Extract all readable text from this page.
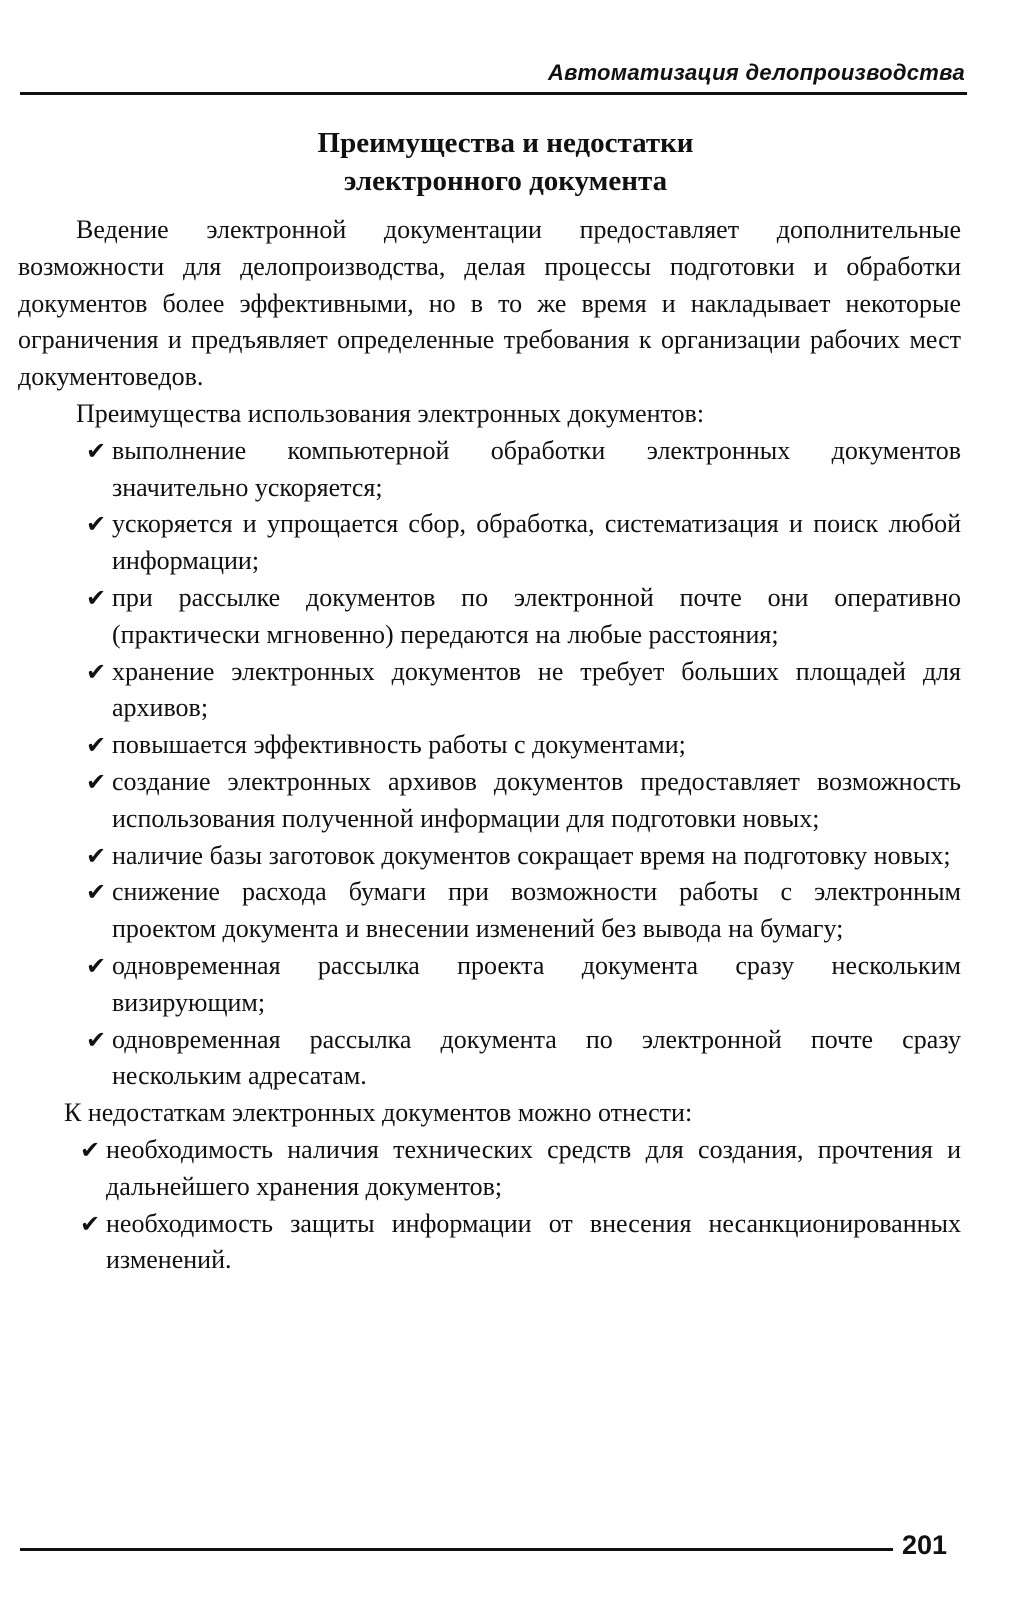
Автоматизация делопроизводства
Преимущества и недостатки
электронного документа

Ведение электронной документации предоставляет дополнительные возможности для делопроизводства, делая процессы подготовки и обработки документов более эффективными, но в то же время и накладывает некоторые ограничения и предъявляет определенные требования к организации рабочих мест документоведов.

Преимущества использования электронных документов:

✔ выполнение компьютерной обработки электронных документов значительно ускоряется;
✔ ускоряется и упрощается сбор, обработка, систематизация и поиск любой информации;
✔ при рассылке документов по электронной почте они оперативно (практически мгновенно) передаются на любые расстояния;
✔ хранение электронных документов не требует больших площадей для архивов;
✔ повышается эффективность работы с документами;
✔ создание электронных архивов документов предоставляет возможность использования полученной информации для подготовки новых;
✔ наличие базы заготовок документов сокращает время на подготовку новых;
✔ снижение расхода бумаги при возможности работы с электронным проектом документа и внесении изменений без вывода на бумагу;
✔ одновременная рассылка проекта документа сразу нескольким визирующим;
✔ одновременная рассылка документа по электронной почте сразу нескольким адресатам.

К недостаткам электронных документов можно отнести:

✔ необходимость наличия технических средств для создания, прочтения и дальнейшего хранения документов;
✔ необходимость защиты информации от внесения несанкционированных изменений.
201
